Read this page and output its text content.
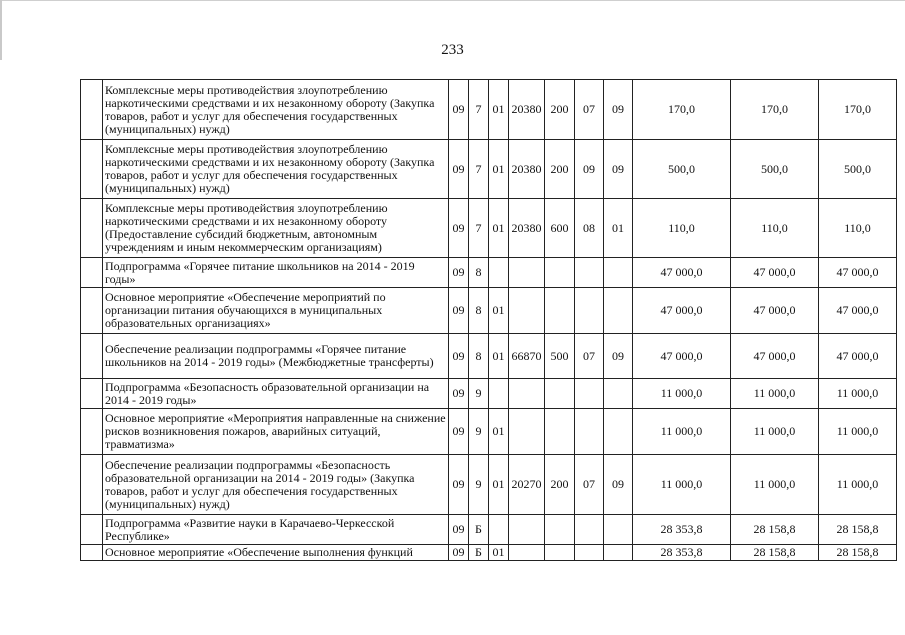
233
	Комплексные меры противодействия злоупотреблению наркотическими средствами и их незаконному обороту (Закупка товаров, работ и услуг для обеспечения государственных (муниципальных) нужд)	09	7	01	20380	200	07	09	170,0	170,0	170,0
	Комплексные меры противодействия злоупотреблению наркотическими средствами и их незаконному обороту (Закупка товаров, работ и услуг для обеспечения государственных (муниципальных) нужд)	09	7	01	20380	200	09	09	500,0	500,0	500,0
	Комплексные меры противодействия злоупотреблению наркотическими средствами и их незаконному обороту (Предоставление субсидий бюджетным, автономным учреждениям и иным некоммерческим организациям)	09	7	01	20380	600	08	01	110,0	110,0	110,0
	Подпрограмма «Горячее питание школьников на 2014 - 2019 годы»	09	8						47 000,0	47 000,0	47 000,0
	Основное мероприятие «Обеспечение мероприятий по организации питания обучающихся в муниципальных образовательных организациях»	09	8	01					47 000,0	47 000,0	47 000,0
	Обеспечение реализации подпрограммы «Горячее питание школьников на 2014 - 2019 годы» (Межбюджетные трансферты)	09	8	01	66870	500	07	09	47 000,0	47 000,0	47 000,0
	Подпрограмма «Безопасность образовательной организации на 2014 - 2019 годы»	09	9						11 000,0	11 000,0	11 000,0
	Основное мероприятие «Мероприятия направленные на снижение рисков возникновения пожаров, аварийных ситуаций, травматизма»	09	9	01					11 000,0	11 000,0	11 000,0
	Обеспечение реализации подпрограммы «Безопасность образовательной организации на 2014 - 2019 годы» (Закупка товаров, работ и услуг для обеспечения государственных (муниципальных) нужд)	09	9	01	20270	200	07	09	11 000,0	11 000,0	11 000,0
	Подпрограмма «Развитие науки в Карачаево-Черкесской Республике»	09	Б						28 353,8	28 158,8	28 158,8
	Основное мероприятие «Обеспечение выполнения функций	09	Б	01					28 353,8	28 158,8	28 158,8
